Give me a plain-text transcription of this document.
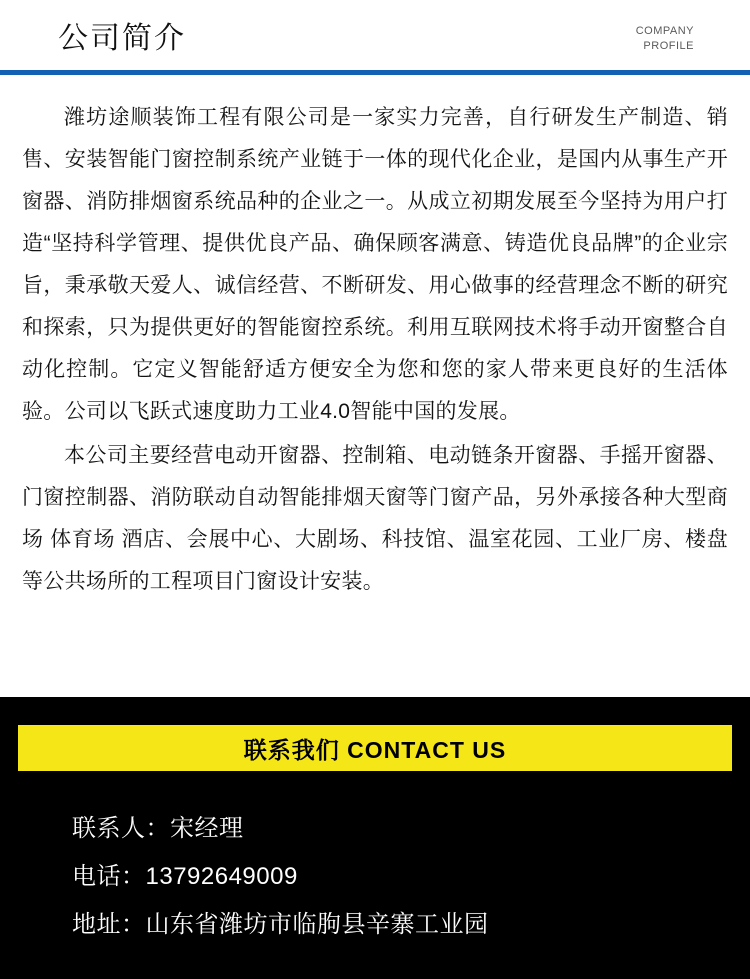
公司简介	COMPANY
PROFILE

潍坊途顺装饰工程有限公司是一家实力完善，自行研发生产制造、销售、安装智能门窗控制系统产业链于一体的现代化企业，是国内从事生产开窗器、消防排烟窗系统品种的企业之一。从成立初期发展至今坚持为用户打造“坚持科学管理、提供优良产品、确保顾客满意、铸造优良品牌”的企业宗旨，秉承敬天爱人、诚信经营、不断研发、用心做事的经营理念不断的研究和探索，只为提供更好的智能窗控系统。利用互联网技术将手动开窗整合自动化控制。它定义智能舒适方便安全为您和您的家人带来更良好的生活体验。公司以飞跃式速度助力工业4.0智能中国的发展。

本公司主要经营电动开窗器、控制箱、电动链条开窗器、手摇开窗器、门窗控制器、消防联动自动智能排烟天窗等门窗产品，另外承接各种大型商场 体育场 酒店、会展中心、大剧场、科技馆、温室花园、工业厂房、楼盘等公共场所的工程项目门窗设计安装。

联系我们 CONTACT US
联系人：宋经理
电话：13792649009
地址：山东省潍坊市临朐县辛寨工业园
